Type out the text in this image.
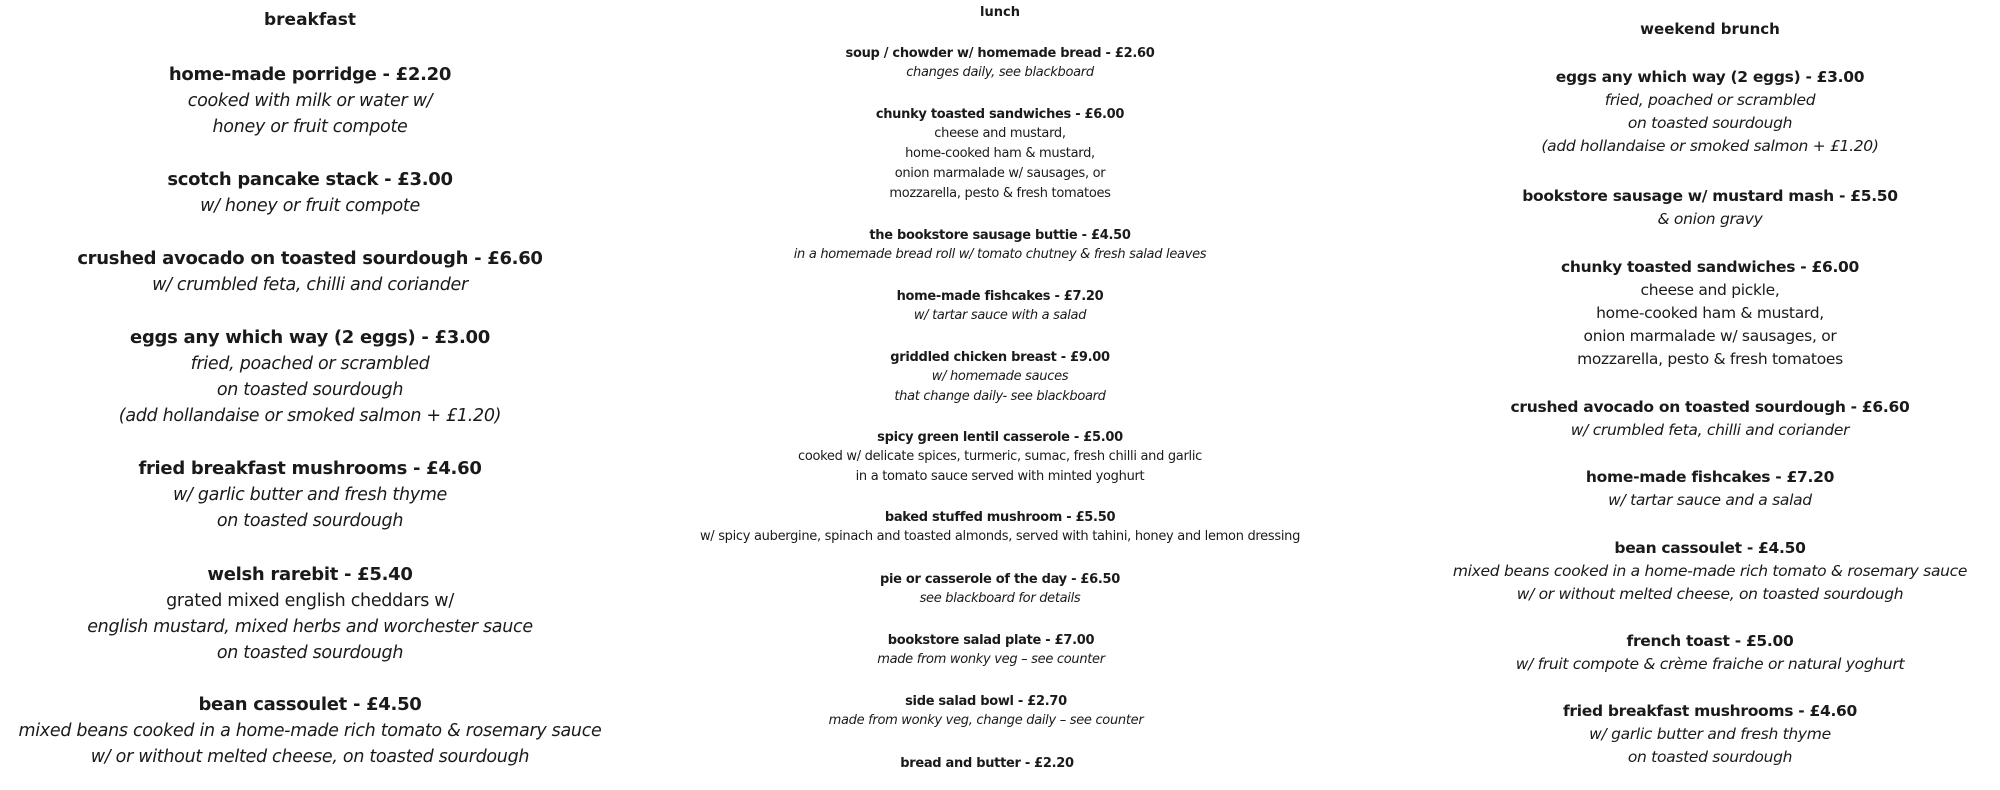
breakfast
home-made porridge - £2.20
cooked with milk or water w/
honey or fruit compote
scotch pancake stack - £3.00
w/ honey or fruit compote
crushed avocado on toasted sourdough - £6.60
w/ crumbled feta, chilli and coriander
eggs any which way (2 eggs) - £3.00
fried, poached or scrambled
on toasted sourdough
(add hollandaise or smoked salmon + £1.20)
fried breakfast mushrooms - £4.60
w/ garlic butter and fresh thyme
on toasted sourdough
welsh rarebit - £5.40
grated mixed english cheddars w/
english mustard, mixed herbs and worchester sauce
on toasted sourdough
bean cassoulet - £4.50
mixed beans cooked in a home-made rich tomato & rosemary sauce
w/ or without melted cheese, on toasted sourdough
lunch
soup / chowder w/ homemade bread - £2.60
changes daily, see blackboard
chunky toasted sandwiches - £6.00
cheese and mustard,
home-cooked ham & mustard,
onion marmalade w/ sausages, or
mozzarella, pesto & fresh tomatoes
the bookstore sausage buttie - £4.50
in a homemade bread roll w/ tomato chutney & fresh salad leaves
home-made fishcakes - £7.20
w/ tartar sauce with a salad
griddled chicken breast - £9.00
w/ homemade sauces
that change daily- see blackboard
spicy green lentil casserole - £5.00
cooked w/ delicate spices, turmeric, sumac, fresh chilli and garlic
in a tomato sauce served with minted yoghurt
baked stuffed mushroom - £5.50
w/ spicy aubergine, spinach and toasted almonds, served with tahini, honey and lemon dressing
pie or casserole of the day - £6.50
see blackboard for details
bookstore salad plate - £7.00
made from wonky veg – see counter
side salad bowl - £2.70
made from wonky veg, change daily – see counter
bread and butter - £2.20
weekend brunch
eggs any which way (2 eggs) - £3.00
fried, poached or scrambled
on toasted sourdough
(add hollandaise or smoked salmon + £1.20)
bookstore sausage w/ mustard mash - £5.50
& onion gravy
chunky toasted sandwiches - £6.00
cheese and pickle,
home-cooked ham & mustard,
onion marmalade w/ sausages, or
mozzarella, pesto & fresh tomatoes
crushed avocado on toasted sourdough - £6.60
w/ crumbled feta, chilli and coriander
home-made fishcakes - £7.20
w/ tartar sauce and a salad
bean cassoulet - £4.50
mixed beans cooked in a home-made rich tomato & rosemary sauce
w/ or without melted cheese, on toasted sourdough
french toast - £5.00
w/ fruit compote & crème fraiche or natural yoghurt
fried breakfast mushrooms - £4.60
w/ garlic butter and fresh thyme
on toasted sourdough
